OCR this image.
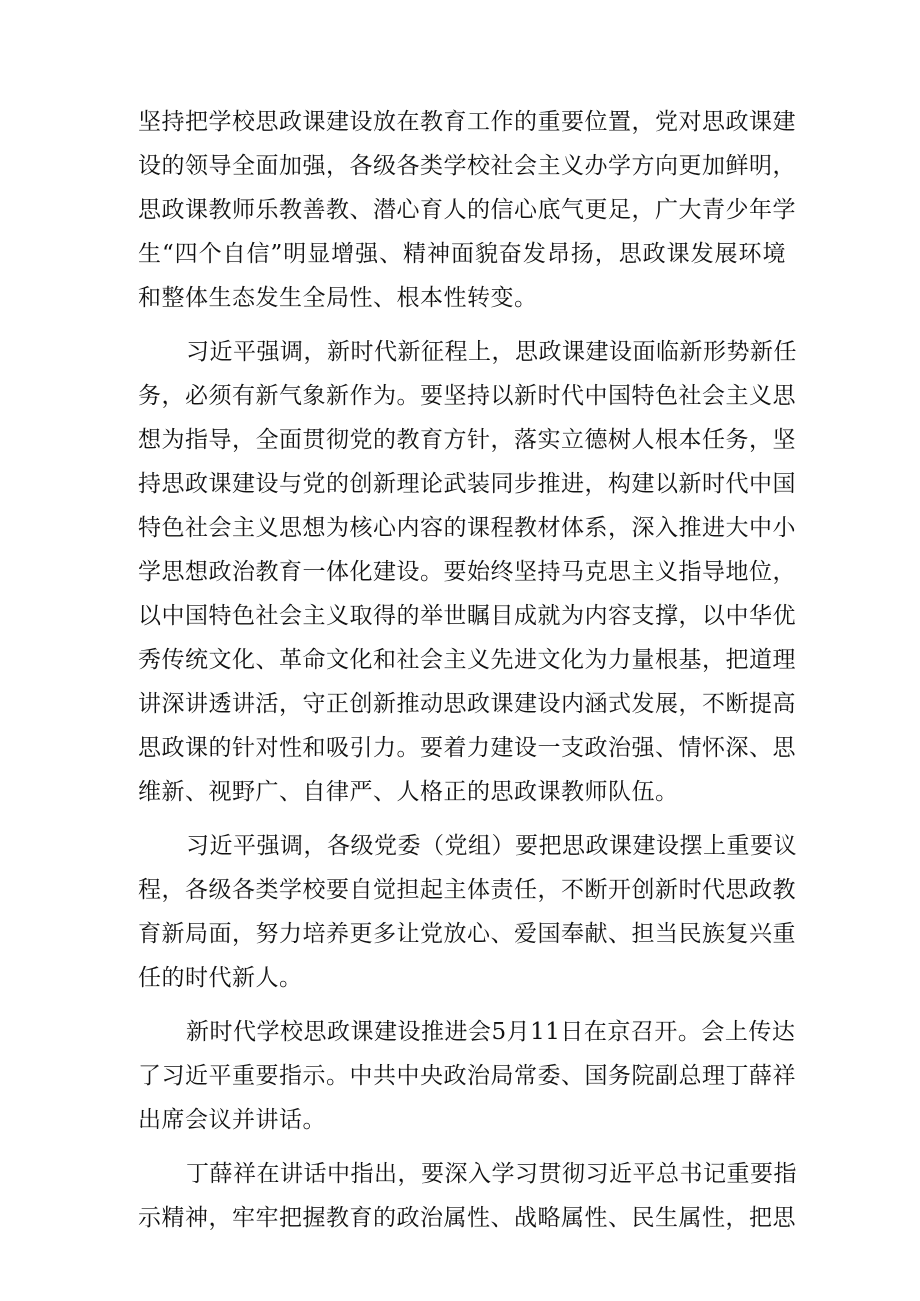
坚持把学校思政课建设放在教育工作的重要位置，党对思政课建
设的领导全面加强，各级各类学校社会主义办学方向更加鲜明，
思政课教师乐教善教、潜心育人的信心底气更足，广大青少年学
生“四个自信”明显增强、精神面貌奋发昂扬，思政课发展环境
和整体生态发生全局性、根本性转变。
习近平强调，新时代新征程上，思政课建设面临新形势新任
务，必须有新气象新作为。要坚持以新时代中国特色社会主义思
想为指导，全面贯彻党的教育方针，落实立德树人根本任务，坚
持思政课建设与党的创新理论武装同步推进，构建以新时代中国
特色社会主义思想为核心内容的课程教材体系，深入推进大中小
学思想政治教育一体化建设。要始终坚持马克思主义指导地位，
以中国特色社会主义取得的举世瞩目成就为内容支撑，以中华优
秀传统文化、革命文化和社会主义先进文化为力量根基，把道理
讲深讲透讲活，守正创新推动思政课建设内涵式发展，不断提高
思政课的针对性和吸引力。要着力建设一支政治强、情怀深、思
维新、视野广、自律严、人格正的思政课教师队伍。
习近平强调，各级党委（党组）要把思政课建设摆上重要议
程，各级各类学校要自觉担起主体责任，不断开创新时代思政教
育新局面，努力培养更多让党放心、爱国奉献、担当民族复兴重
任的时代新人。
新时代学校思政课建设推进会5月11日在京召开。会上传达
了习近平重要指示。中共中央政治局常委、国务院副总理丁薛祥
出席会议并讲话。
丁薛祥在讲话中指出，要深入学习贯彻习近平总书记重要指
示精神，牢牢把握教育的政治属性、战略属性、民生属性，把思
